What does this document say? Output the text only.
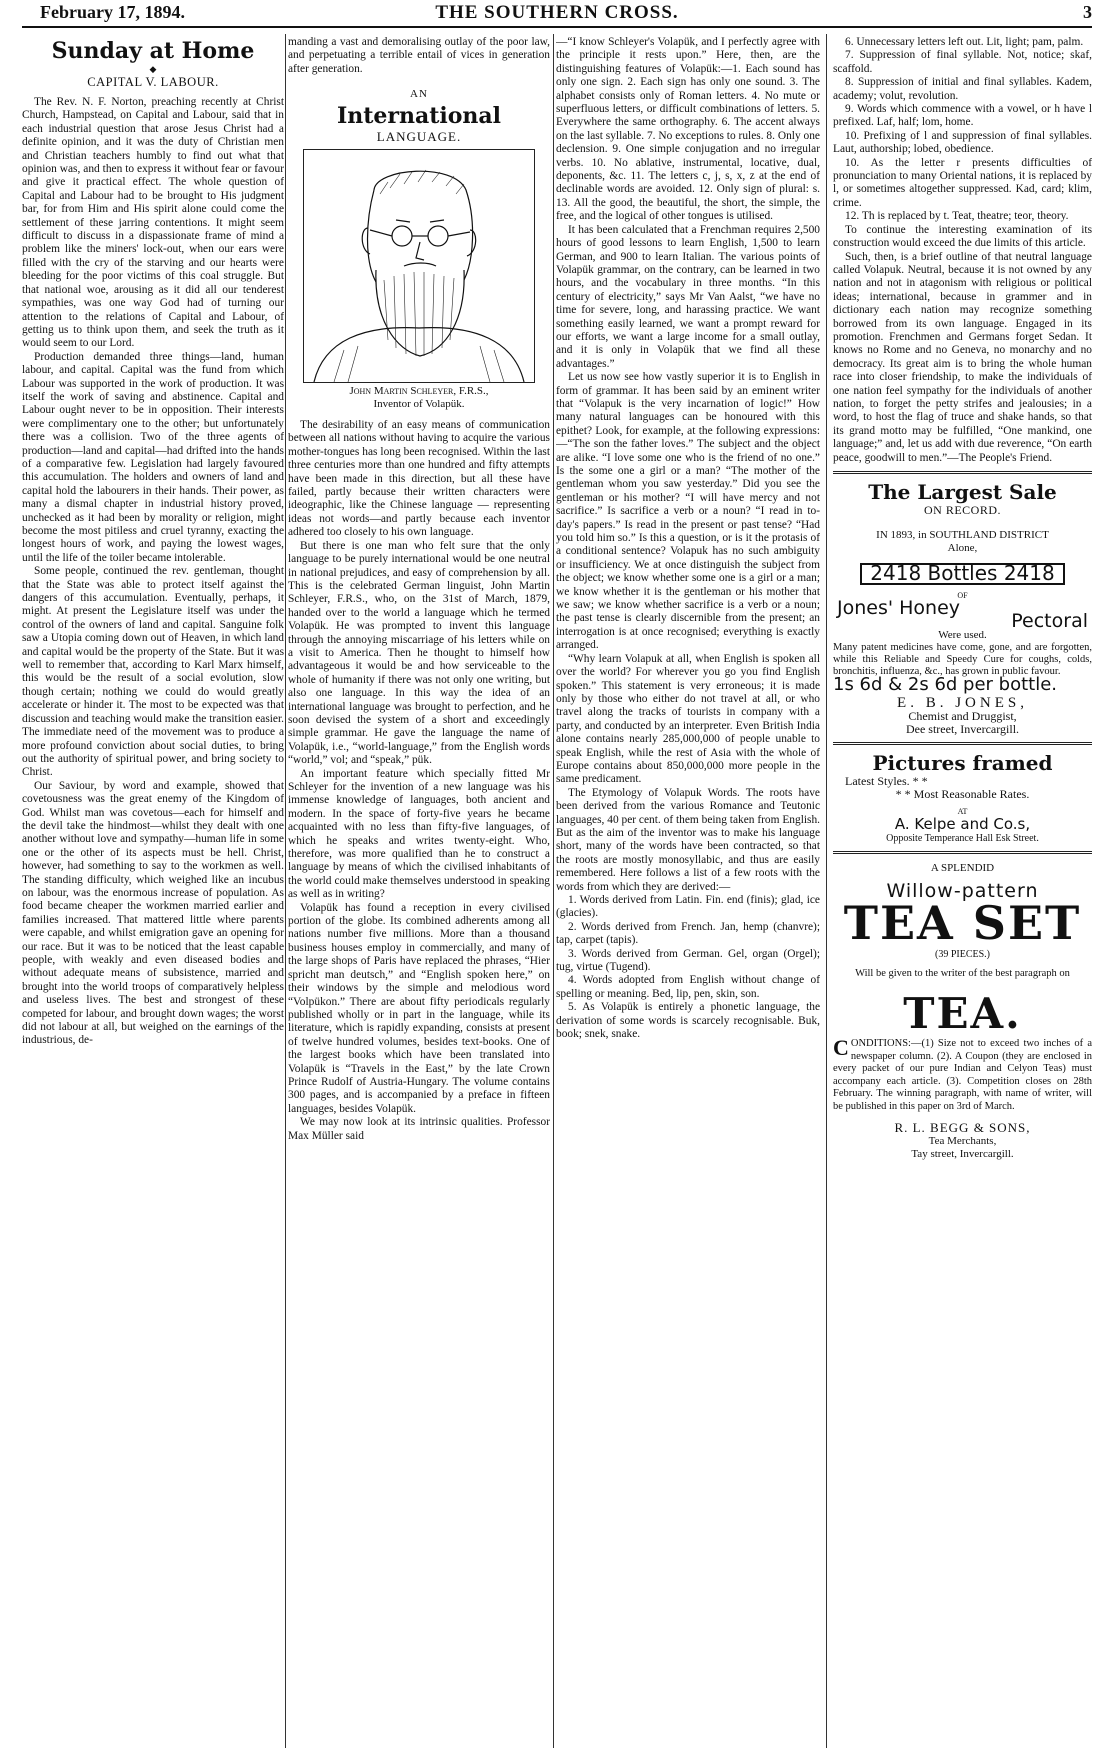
February 17, 1894.	THE SOUTHERN CROSS.	3
Sunday at Home
◆
CAPITAL V. LABOUR.

The Rev. N. F. Norton, preaching recently at Christ Church, Hampstead, on Capital and Labour, said that in each industrial question that arose Jesus Christ had a definite opinion, and it was the duty of Christian men and Christian teachers humbly to find out what that opinion was, and then to express it without fear or favour and give it practical effect. The whole question of Capital and Labour had to be brought to His judgment bar, for from Him and His spirit alone could come the settlement of these jarring contentions. It might seem difficult to discuss in a dispassionate frame of mind a problem like the miners' lock-out, when our ears were filled with the cry of the starving and our hearts were bleeding for the poor victims of this coal struggle. But that national woe, arousing as it did all our tenderest sympathies, was one way God had of turning our attention to the relations of Capital and Labour, of getting us to think upon them, and seek the truth as it would seem to our Lord.

Production demanded three things—land, human labour, and capital. Capital was the fund from which Labour was supported in the work of production. It was itself the work of saving and abstinence. Capital and Labour ought never to be in opposition. Their interests were complimentary one to the other; but unfortunately there was a collision. Two of the three agents of production—land and capital—had drifted into the hands of a comparative few. Legislation had largely favoured this accumulation. The holders and owners of land and capital hold the labourers in their hands. Their power, as many a dismal chapter in industrial history proved, unchecked as it had been by morality or religion, might become the most pitiless and cruel tyranny, exacting the longest hours of work, and paying the lowest wages, until the life of the toiler became intolerable.

Some people, continued the rev. gentleman, thought that the State was able to protect itself against the dangers of this accumulation. Eventually, perhaps, it might. At present the Legislature itself was under the control of the owners of land and capital. Sanguine folk saw a Utopia coming down out of Heaven, in which land and capital would be the property of the State. But it was well to remember that, according to Karl Marx himself, this would be the result of a social evolution, slow though certain; nothing we could do would greatly accelerate or hinder it. The most to be expected was that discussion and teaching would make the transition easier. The immediate need of the movement was to produce a more profound conviction about social duties, to bring out the authority of spiritual power, and bring society to Christ.

Our Saviour, by word and example, showed that covetousness was the great enemy of the Kingdom of God. Whilst man was covetous—each for himself and the devil take the hindmost—whilst they dealt with one another without love and sympathy—human life in some one or the other of its aspects must be hell. Christ, however, had something to say to the workmen as well. The standing difficulty, which weighed like an incubus on labour, was the enormous increase of population. As food became cheaper the workmen married earlier and families increased. That mattered little where parents were capable, and whilst emigration gave an opening for our race. But it was to be noticed that the least capable people, with weakly and even diseased bodies and without adequate means of subsistence, married and brought into the world troops of comparatively helpless and useless lives. The best and strongest of these competed for labour, and brought down wages; the worst did not labour at all, but weighed on the earnings of the industrious, de-

manding a vast and demoralising outlay of the poor law, and perpetuating a terrible entail of vices in generation after generation.

AN
International
LANGUAGE.
John Martin Schleyer, F.R.S.,
Inventor of Volapük.

The desirability of an easy means of communication between all nations without having to acquire the various mother-tongues has long been recognised. Within the last three centuries more than one hundred and fifty attempts have been made in this direction, but all these have failed, partly because their written characters were ideographic, like the Chinese language — representing ideas not words—and partly because each inventor adhered too closely to his own language.

But there is one man who felt sure that the only language to be purely international would be one neutral in national prejudices, and easy of comprehension by all. This is the celebrated German linguist, John Martin Schleyer, F.R.S., who, on the 31st of March, 1879, handed over to the world a language which he termed Volapük. He was prompted to invent this language through the annoying miscarriage of his letters while on a visit to America. Then he thought to himself how advantageous it would be and how serviceable to the whole of humanity if there was not only one writing, but also one language. In this way the idea of an international language was brought to perfection, and he soon devised the system of a short and exceedingly simple grammar. He gave the language the name of Volapük, i.e., “world-language,” from the English words “world,” vol; and “speak,” pük.

An important feature which specially fitted Mr Schleyer for the invention of a new language was his immense knowledge of languages, both ancient and modern. In the space of forty-five years he became acquainted with no less than fifty-five languages, of which he speaks and writes twenty-eight. Who, therefore, was more qualified than he to construct a language by means of which the civilised inhabitants of the world could make themselves understood in speaking as well as in writing?

Volapük has found a reception in every civilised portion of the globe. Its combined adherents among all nations number five millions. More than a thousand business houses employ in commercially, and many of the large shops of Paris have replaced the phrases, “Hier spricht man deutsch,” and “English spoken here,” on their windows by the simple and melodious word “Volpükon.” There are about fifty periodicals regularly published wholly or in part in the language, while its literature, which is rapidly expanding, consists at present of twelve hundred volumes, besides text-books. One of the largest books which have been translated into Volapük is “Travels in the East,” by the late Crown Prince Rudolf of Austria-Hungary. The volume contains 300 pages, and is accompanied by a preface in fifteen languages, besides Volapük.

We may now look at its intrinsic qualities. Professor Max Müller said

—“I know Schleyer's Volapük, and I perfectly agree with the principle it rests upon.” Here, then, are the distinguishing features of Volapük:—1. Each sound has only one sign. 2. Each sign has only one sound. 3. The alphabet consists only of Roman letters. 4. No mute or superfluous letters, or difficult combinations of letters. 5. Everywhere the same orthography. 6. The accent always on the last syllable. 7. No exceptions to rules. 8. Only one declension. 9. One simple conjugation and no irregular verbs. 10. No ablative, instrumental, locative, dual, deponents, &c. 11. The letters c, j, s, x, z at the end of declinable words are avoided. 12. Only sign of plural: s. 13. All the good, the beautiful, the short, the simple, the free, and the logical of other tongues is utilised.

It has been calculated that a Frenchman requires 2,500 hours of good lessons to learn English, 1,500 to learn German, and 900 to learn Italian. The various points of Volapük grammar, on the contrary, can be learned in two hours, and the vocabulary in three months. “In this century of electricity,” says Mr Van Aalst, “we have no time for severe, long, and harassing practice. We want something easily learned, we want a prompt reward for our efforts, we want a large income for a small outlay, and it is only in Volapük that we find all these advantages.”

Let us now see how vastly superior it is to English in form of grammar. It has been said by an eminent writer that “Volapuk is the very incarnation of logic!” How many natural languages can be honoured with this epithet? Look, for example, at the following expressions:—“The son the father loves.” The subject and the object are alike. “I love some one who is the friend of no one.” Is the some one a girl or a man? “The mother of the gentleman whom you saw yesterday.” Did you see the gentleman or his mother? “I will have mercy and not sacrifice.” Is sacrifice a verb or a noun? “I read in to-day's papers.” Is read in the present or past tense? “Had you told him so.” Is this a question, or is it the protasis of a conditional sentence? Volapuk has no such ambiguity or insufficiency. We at once distinguish the subject from the object; we know whether some one is a girl or a man; we know whether it is the gentleman or his mother that we saw; we know whether sacrifice is a verb or a noun; the past tense is clearly discernible from the present; an interrogation is at once recognised; everything is exactly arranged.

“Why learn Volapuk at all, when English is spoken all over the world? For wherever you go you find English spoken.” This statement is very erroneous; it is made only by those who either do not travel at all, or who travel along the tracks of tourists in company with a party, and conducted by an interpreter. Even British India alone contains nearly 285,000,000 of people unable to speak English, while the rest of Asia with the whole of Europe contains about 850,000,000 more people in the same predicament.

The Etymology of Volapuk Words. The roots have been derived from the various Romance and Teutonic languages, 40 per cent. of them being taken from English. But as the aim of the inventor was to make his language short, many of the words have been contracted, so that the roots are mostly monosyllabic, and thus are easily remembered. Here follows a list of a few roots with the words from which they are derived:—

1. Words derived from Latin. Fin. end (finis); glad, ice (glacies).

2. Words derived from French. Jan, hemp (chanvre); tap, carpet (tapis).

3. Words derived from German. Gel, organ (Orgel); tug, virtue (Tugend).

4. Words adopted from English without change of spelling or meaning. Bed, lip, pen, skin, son.

5. As Volapük is entirely a phonetic language, the derivation of some words is scarcely recognisable. Buk, book; snek, snake.

6. Unnecessary letters left out. Lit, light; pam, palm.

7. Suppression of final syllable. Not, notice; skaf, scaffold.

8. Suppression of initial and final syllables. Kadem, academy; volut, revolution.

9. Words which commence with a vowel, or h have l prefixed. Laf, half; lom, home.

10. Prefixing of l and suppression of final syllables. Laut, authorship; lobed, obedience.

10. As the letter r presents difficulties of pronunciation to many Oriental nations, it is replaced by l, or sometimes altogether suppressed. Kad, card; klim, crime.

12. Th is replaced by t. Teat, theatre; teor, theory.

To continue the interesting examination of its construction would exceed the due limits of this article.

Such, then, is a brief outline of that neutral language called Volapuk. Neutral, because it is not owned by any nation and not in atagonism with religious or political ideas; international, because in grammer and in dictionary each nation may recognize something borrowed from its own language. Engaged in its promotion. Frenchmen and Germans forget Sedan. It knows no Rome and no Geneva, no monarchy and no democracy. Its great aim is to bring the whole human race into closer friendship, to make the individuals of one nation feel sympathy for the individuals of another nation, to forget the petty strifes and jealousies; in a word, to host the flag of truce and shake hands, so that its grand motto may be fulfilled, “One mankind, one language;” and, let us add with due reverence, “On earth peace, goodwill to men.”—The People's Friend.

The Largest Sale
ON RECORD.
IN 1893, in SOUTHLAND DISTRICT
Alone,
2418 Bottles 2418
OF
Jones' Honey
Pectoral
Were used.
Many patent medicines have come, gone, and are forgotten, while this Reliable and Speedy Cure for coughs, colds, bronchitis, influenza, &c., has grown in public favour.
1s 6d & 2s 6d per bottle.
E. B. JONES,
Chemist and Druggist,
Dee street, Invercargill.
Pictures framed
Latest Styles. * *
* * Most Reasonable Rates.
AT
A. Kelpe and Co.s,
Opposite Temperance Hall Esk Street.
A SPLENDID
Willow-pattern
TEA SET
(39 PIECES.)
Will be given to the writer of the best paragraph on
TEA.
CONDITIONS:—(1) Size not to exceed two inches of a newspaper column. (2). A Coupon (they are enclosed in every packet of our pure Indian and Celyon Teas) must accompany each article. (3). Competition closes on 28th February. The winning paragraph, with name of writer, will be published in this paper on 3rd of March.
R. L. BEGG & SONS,
Tea Merchants,
Tay street, Invercargill.
